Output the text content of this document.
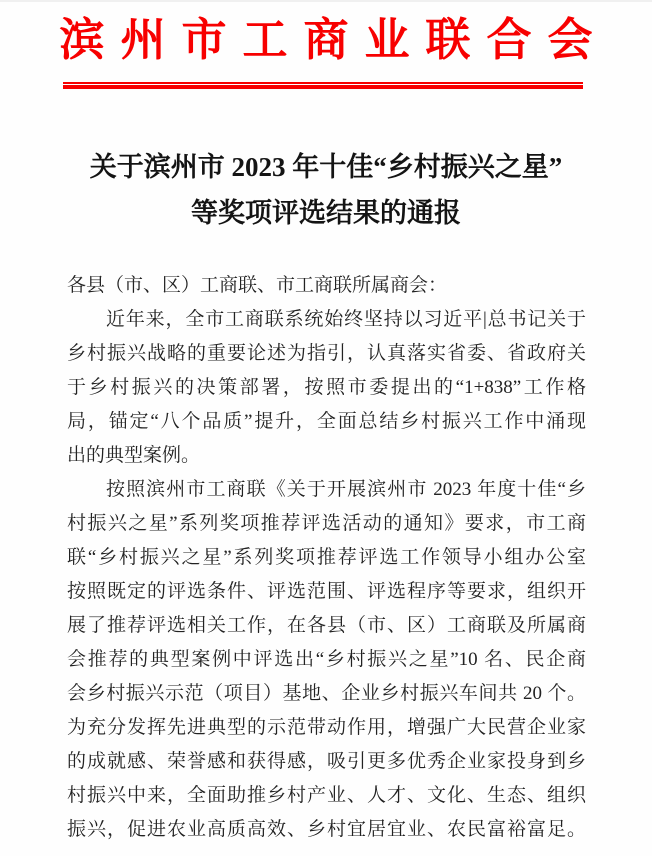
滨州市工商业联合会
关于滨州市 2023 年十佳“乡村振兴之星”
等奖项评选结果的通报
各县（市、区）工商联、市工商联所属商会：
近年来，全市工商联系统始终坚持以习近平|总书记关于
乡村振兴战略的重要论述为指引，认真落实省委、省政府关
于乡村振兴的决策部署，按照市委提出的“1+838”工作格
局，锚定“八个品质”提升，全面总结乡村振兴工作中涌现
出的典型案例。
按照滨州市工商联《关于开展滨州市 2023 年度十佳“乡
村振兴之星”系列奖项推荐评选活动的通知》要求，市工商
联“乡村振兴之星”系列奖项推荐评选工作领导小组办公室
按照既定的评选条件、评选范围、评选程序等要求，组织开
展了推荐评选相关工作，在各县（市、区）工商联及所属商
会推荐的典型案例中评选出“乡村振兴之星”10 名、民企商
会乡村振兴示范（项目）基地、企业乡村振兴车间共 20 个。
为充分发挥先进典型的示范带动作用，增强广大民营企业家
的成就感、荣誉感和获得感，吸引更多优秀企业家投身到乡
村振兴中来，全面助推乡村产业、人才、文化、生态、组织
振兴，促进农业高质高效、乡村宜居宜业、农民富裕富足。
